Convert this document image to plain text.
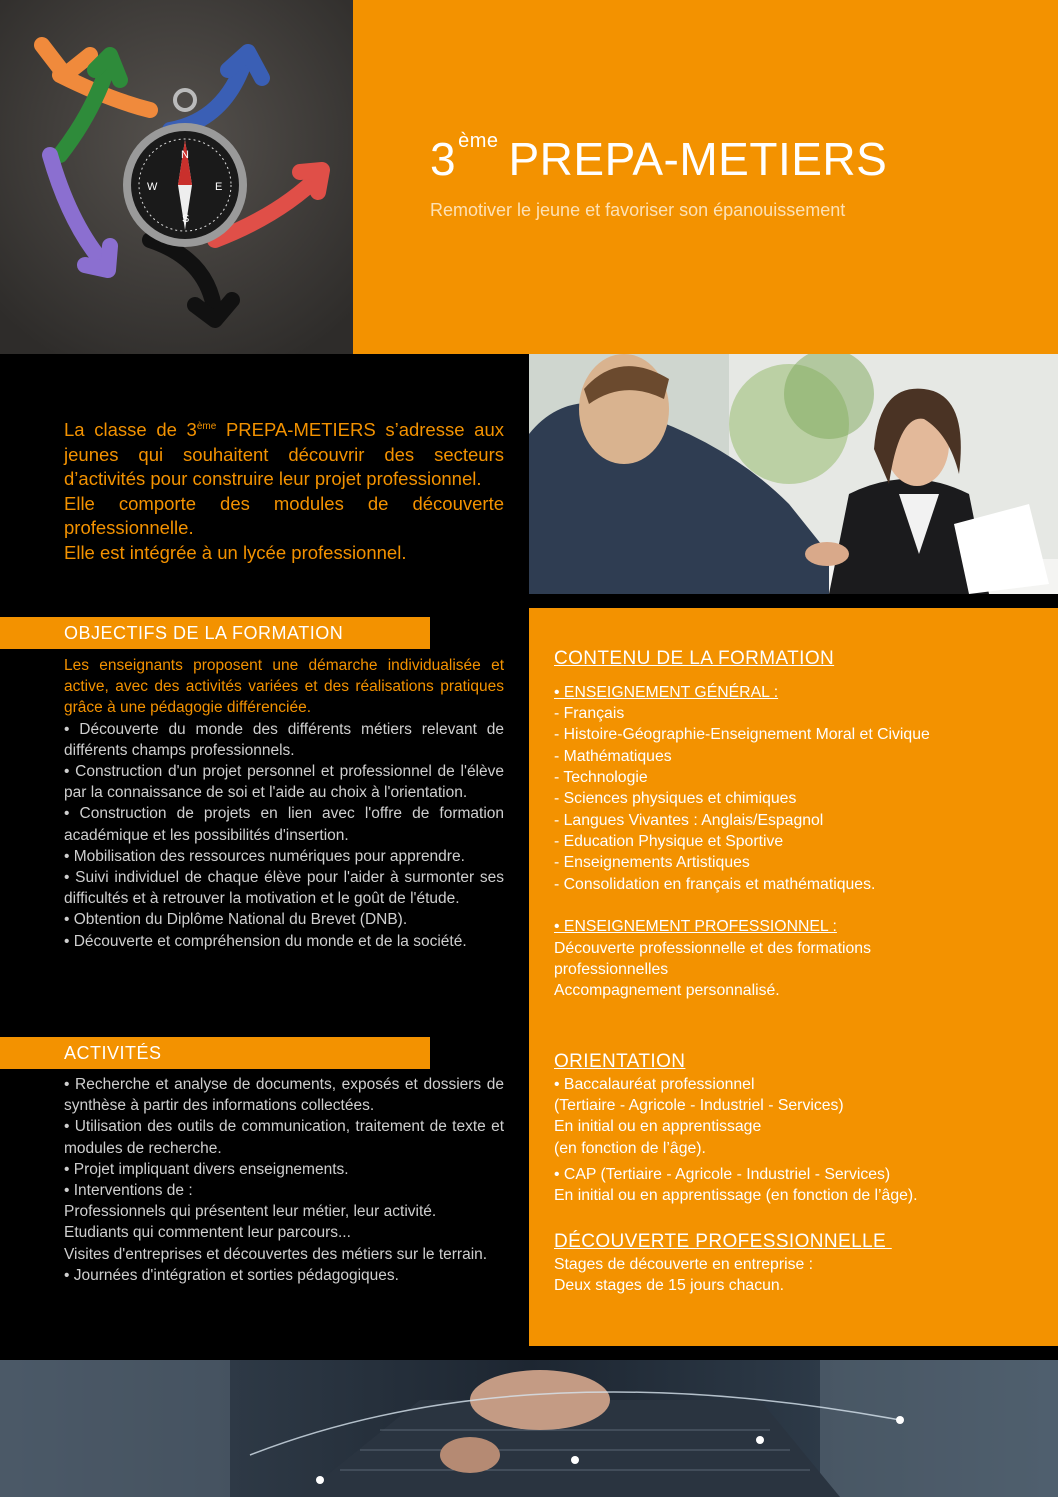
N
E
W
S
3 $^{ème}$ PREPA-METIERS
Remotiver le jeune et favoriser son épanouissement
La classe de 3ème PREPA-METIERS s’adresse aux jeunes qui souhaitent découvrir des secteurs d’activités pour construire leur projet professionnel.
Elle comporte des modules de découverte professionnelle.
Elle est intégrée à un lycée professionnel.
OBJECTIFS DE LA FORMATION

Les enseignants proposent une démarche individualisée et active, avec des activités variées et des réalisations pratiques grâce à une pédagogie différenciée.

• Découverte du monde des différents métiers relevant de différents champs professionnels.

• Construction d'un projet personnel et professionnel de l'élève par la connaissance de soi et l'aide au choix à l'orientation.

• Construction de projets en lien avec l'offre de formation académique et les possibilités d'insertion.

• Mobilisation des ressources numériques pour apprendre.

• Suivi individuel de chaque élève pour l'aider à surmonter ses difficultés et à retrouver la motivation et le goût de l'étude.

• Obtention du Diplôme National du Brevet (DNB).

• Découverte et compréhension du monde et de la société.

ACTIVITÉS

• Recherche et analyse de documents, exposés et dossiers de synthèse à partir des informations collectées.

• Utilisation des outils de communication, traitement de texte et modules de recherche.

• Projet impliquant divers enseignements.

• Interventions de :

Professionnels qui présentent leur métier, leur activité.

Etudiants qui commentent leur parcours...

Visites d'entreprises et découvertes des métiers sur le terrain.

• Journées d'intégration et sorties pédagogiques.

CONTENU DE LA FORMATION
• ENSEIGNEMENT GÉNÉRAL :
- Français
- Histoire-Géographie-Enseignement Moral et Civique
- Mathématiques
- Technologie
- Sciences physiques et chimiques
- Langues Vivantes : Anglais/Espagnol
- Education Physique et Sportive
- Enseignements Artistiques
- Consolidation en français et mathématiques.
• ENSEIGNEMENT PROFESSIONNEL :
Découverte professionnelle et des formations
professionnelles
Accompagnement personnalisé.
ORIENTATION
• Baccalauréat professionnel
(Tertiaire - Agricole - Industriel - Services)
En initial ou en apprentissage
(en fonction de l’âge).
• CAP (Tertiaire - Agricole - Industriel - Services)
En initial ou en apprentissage (en fonction de l’âge).
DÉCOUVERTE PROFESSIONNELLE
Stages de découverte en entreprise :
Deux stages de 15 jours chacun.
